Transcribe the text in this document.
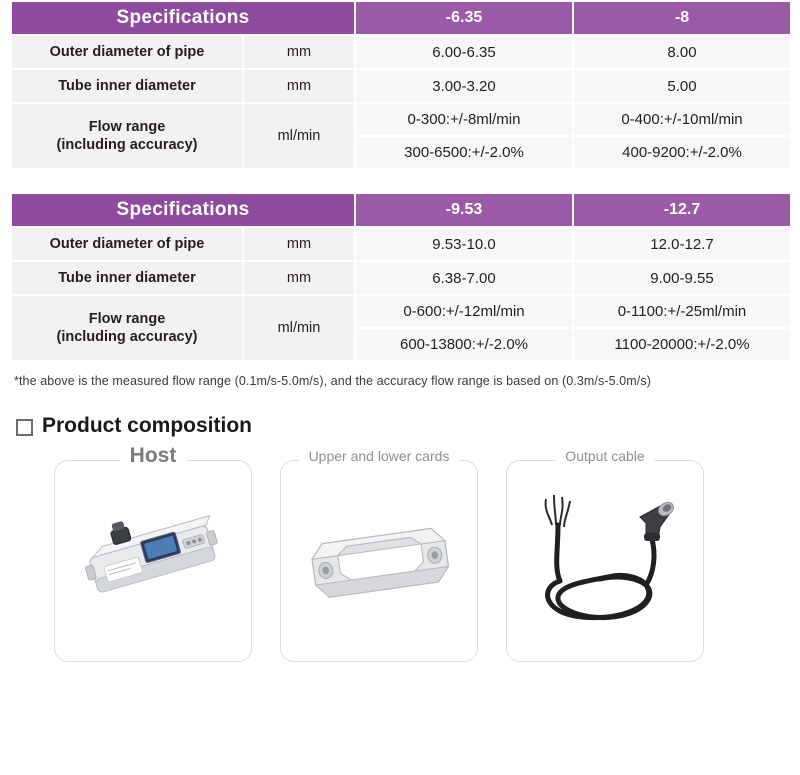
Specifications		-6.35	-8
Outer diameter of pipe	mm	6.00-6.35	8.00
Tube inner diameter	mm	3.00-3.20	5.00

Flow range
(including accuracy)	ml/min	0-300:+/-8ml/min	0-400:+/-10ml/min
		300-6500:+/-2.0%	400-9200:+/-2.0%
Specifications		-9.53	-12.7
Outer diameter of pipe	mm	9.53-10.0	12.0-12.7
Tube inner diameter	mm	6.38-7.00	9.00-9.55

Flow range
(including accuracy)	ml/min	0-600:+/-12ml/min	0-1100:+/-25ml/min
		600-13800:+/-2.0%	1100-20000:+/-2.0%
*the above is the measured flow range (0.1m/s-5.0m/s), and the accuracy flow range is based on (0.3m/s-5.0m/s)
Product composition
Host	Upper and lower cards	Output cable
